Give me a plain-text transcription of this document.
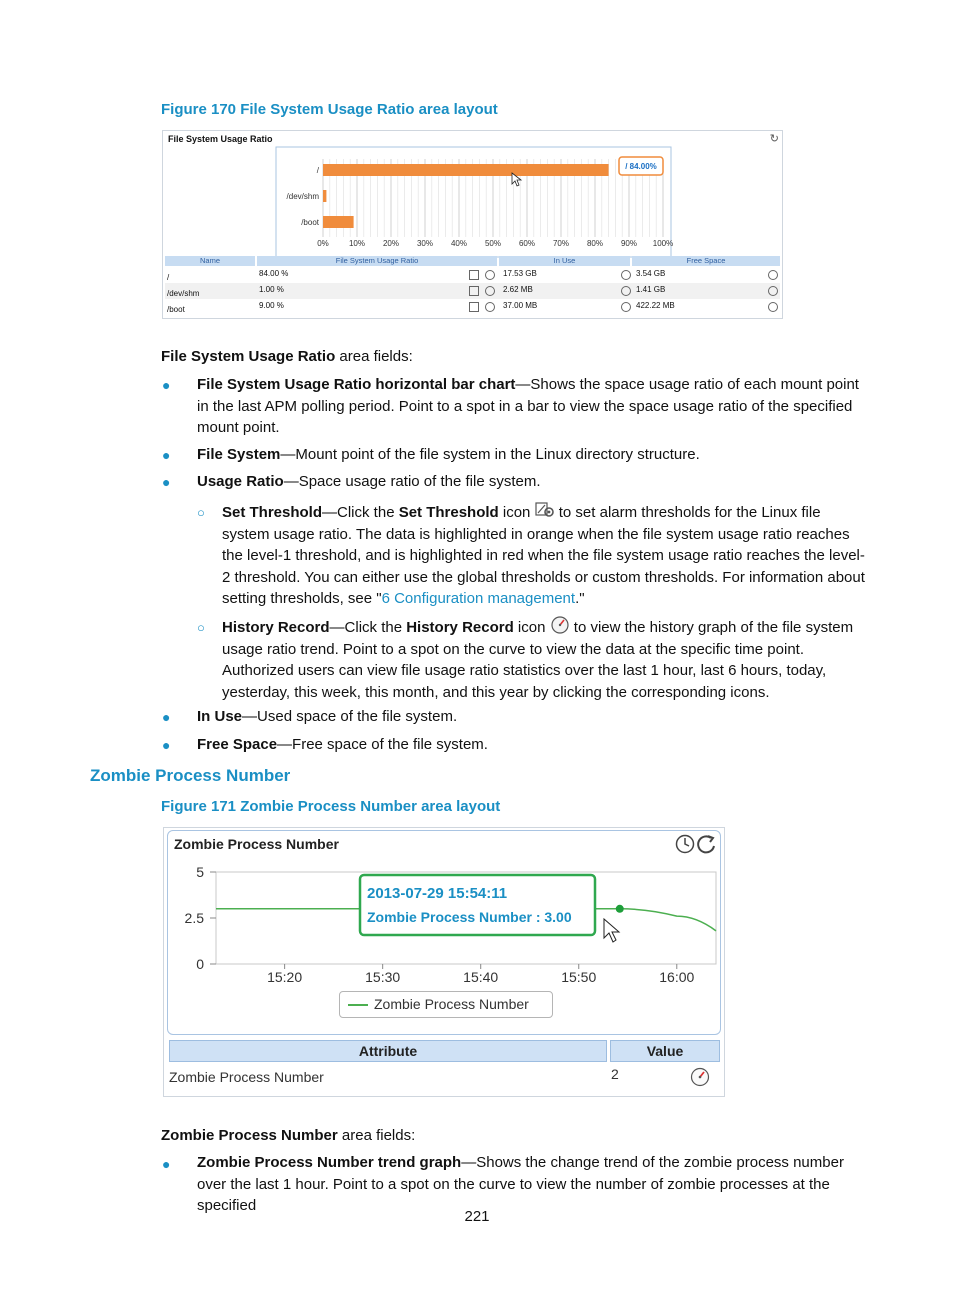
Figure 170 File System Usage Ratio area layout
File System Usage Ratio	↻
0%	10% 20% 30% 40% 50% 60% 70% 80% 90% 100%
/
/dev/shm
/boot
/ 84.00%
Name	File System Usage Ratio	In Use	Free Space
/	84.00 %	17.53 GB	3.54 GB
/dev/shm	1.00 %	2.62 MB	1.41 GB
/boot	9.00 %	37.00 MB	422.22 MB
File System Usage Ratio area fields:
● File System Usage Ratio horizontal bar chart—Shows the space usage ratio of each mount point in the last APM polling period. Point to a spot in a bar to view the space usage ratio of the specified mount point.
● File System—Mount point of the file system in the Linux directory structure.
● Usage Ratio—Space usage ratio of the file system.
○ Set Threshold—Click the Set Threshold icon  to set alarm thresholds for the Linux file system usage ratio. The data is highlighted in orange when the file system usage ratio reaches the level-1 threshold, and is highlighted in red when the file system usage ratio reaches the level-2 threshold. You can either use the global thresholds or custom thresholds. For information about setting thresholds, see "6 Configuration management."
○ History Record—Click the History Record icon  to view the history graph of the file system usage ratio trend. Point to a spot on the curve to view the data at the specific time point. Authorized users can view file usage ratio statistics over the last 1 hour, last 6 hours, today, yesterday, this week, this month, and this year by clicking the corresponding icons.
● In Use—Used space of the file system.
● Free Space—Free space of the file system.
Zombie Process Number
Figure 171 Zombie Process Number area layout
Zombie Process Number
0
2.5
5
15:20	15:30	15:40	15:50	16:00
2013-07-29 15:54:11
Zombie Process Number : 3.00
Zombie Process Number
Attribute	Value
Zombie Process Number	2
Zombie Process Number area fields:
● Zombie Process Number trend graph—Shows the change trend of the zombie process number over the last 1 hour. Point to a spot on the curve to view the number of zombie processes at the specified
221
